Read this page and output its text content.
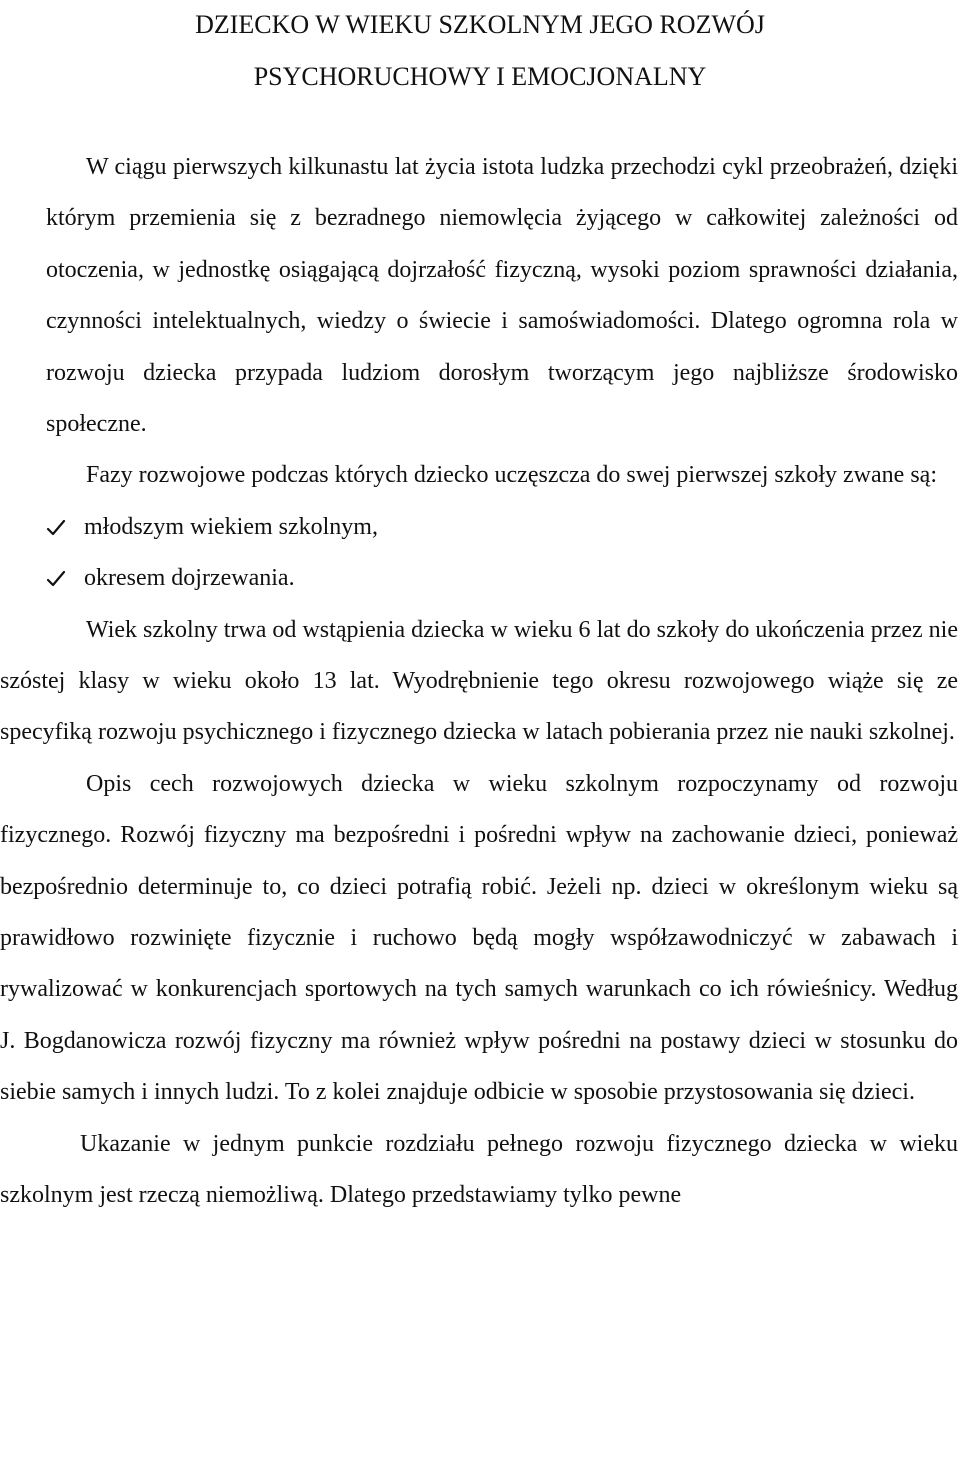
DZIECKO W WIEKU SZKOLNYM JEGO ROZWÓJ
PSYCHORUCHOWY I EMOCJONALNY

W ciągu pierwszych kilkunastu lat życia istota ludzka przechodzi cykl przeobrażeń, dzięki którym przemienia się z bezradnego niemowlęcia żyjącego w całkowitej zależności od otoczenia, w jednostkę osiągającą dojrzałość fizyczną, wysoki poziom sprawności działania, czynności intelektualnych, wiedzy o świecie i samoświadomości. Dlatego ogromna rola w rozwoju dziecka przypada ludziom dorosłym tworzącym jego najbliższe środowisko społeczne.

Fazy rozwojowe podczas których dziecko uczęszcza do swej pierwszej szkoły zwane są:

młodszym wiekiem szkolnym,
okresem dojrzewania.

Wiek szkolny trwa od wstąpienia dziecka w wieku 6 lat do szkoły do ukończenia przez nie szóstej klasy w wieku około 13 lat. Wyodrębnienie tego okresu rozwojowego wiąże się ze specyfiką rozwoju psychicznego i fizycznego dziecka w latach pobierania przez nie nauki szkolnej.

Opis cech rozwojowych dziecka w wieku szkolnym rozpoczynamy od rozwoju fizycznego. Rozwój fizyczny ma bezpośredni i pośredni wpływ na zachowanie dzieci, ponieważ bezpośrednio determinuje to, co dzieci potrafią robić. Jeżeli np. dzieci w określonym wieku są prawidłowo rozwinięte fizycznie i ruchowo będą mogły współzawodniczyć w zabawach i rywalizować w konkurencjach sportowych na tych samych warunkach co ich rówieśnicy. Według J. Bogdanowicza rozwój fizyczny ma również wpływ pośredni na postawy dzieci w stosunku do siebie samych i innych ludzi. To z kolei znajduje odbicie w sposobie przystosowania się dzieci.

Ukazanie w jednym punkcie rozdziału pełnego rozwoju fizycznego dziecka w wieku szkolnym jest rzeczą niemożliwą. Dlatego przedstawiamy tylko pewne
